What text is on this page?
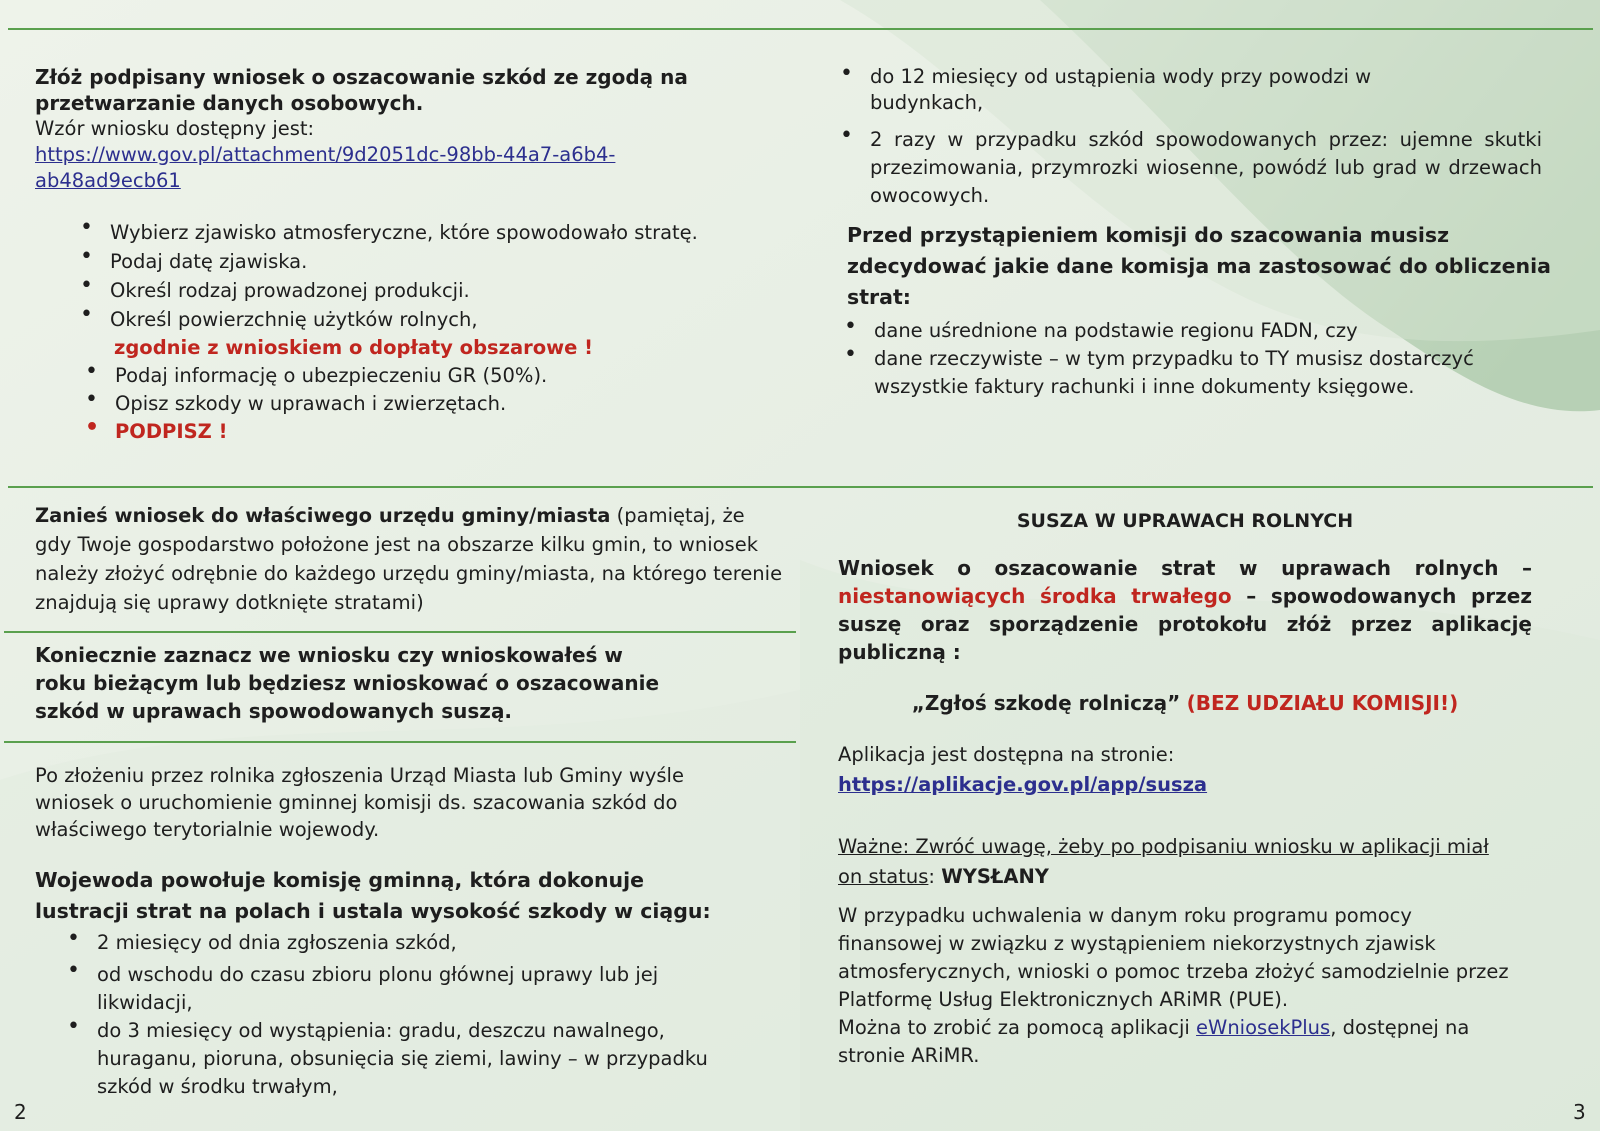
Złóż podpisany wniosek o oszacowanie szkód ze zgodą na przetwarzanie danych osobowych.

Wzór wniosku dostępny jest:

https://www.gov.pl/attachment/9d2051dc-98bb-44a7-a6b4-
ab48ad9ecb61
• Wybierz zjawisko atmosferyczne, które spowodowało stratę.
• Podaj datę zjawiska.
• Określ rodzaj prowadzonej produkcji.
• Określ powierzchnię użytków rolnych,

zgodnie z wnioskiem o dopłaty obszarowe !

• Podaj informację o ubezpieczeniu GR (50%).
• Opisz szkody w uprawach i zwierzętach.
• PODPISZ !
• do 12 miesięcy od ustąpienia wody przy powodzi w budynkach,
• 2 razy w przypadku szkód spowodowanych przez: ujemne skutki przezimowania, przymrozki wiosenne, powódź lub grad w drzewach owocowych.

Przed przystąpieniem komisji do szacowania musisz zdecydować jakie dane komisja ma zastosować do obliczenia strat:

• dane uśrednione na podstawie regionu FADN, czy
• dane rzeczywiste – w tym przypadku to TY musisz dostarczyć wszystkie faktury rachunki i inne dokumenty księgowe.

Zanieś wniosek do właściwego urzędu gminy/miasta (pamiętaj, że gdy Twoje gospodarstwo położone jest na obszarze kilku gmin, to wniosek należy złożyć odrębnie do każdego urzędu gminy/miasta, na którego terenie znajdują się uprawy dotknięte stratami)

Koniecznie zaznacz we wniosku czy wnioskowałeś w roku bieżącym lub będziesz wnioskować o oszacowanie szkód w uprawach spowodowanych suszą.

Po złożeniu przez rolnika zgłoszenia Urząd Miasta lub Gminy wyśle wniosek o uruchomienie gminnej komisji ds. szacowania szkód do właściwego terytorialnie wojewody.

Wojewoda powołuje komisję gminną, która dokonuje lustracji strat na polach i ustala wysokość szkody w ciągu:

• 2 miesięcy od dnia zgłoszenia szkód,
• od wschodu do czasu zbioru plonu głównej uprawy lub jej likwidacji,
• do 3 miesięcy od wystąpienia: gradu, deszczu nawalnego, huraganu, pioruna, obsunięcia się ziemi, lawiny – w przypadku szkód w środku trwałym,

SUSZA W UPRAWACH ROLNYCH

Wniosek o oszacowanie strat w uprawach rolnych – niestanowiących środka trwałego – spowodowanych przez suszę oraz sporządzenie protokołu złóż przez aplikację publiczną :

„Zgłoś szkodę rolniczą” (BEZ UDZIAŁU KOMISJI!)

Aplikacja jest dostępna na stronie:

https://aplikacje.gov.pl/app/susza

Ważne: Zwróć uwagę, żeby po podpisaniu wniosku w aplikacji miał on status: WYSŁANY

W przypadku uchwalenia w danym roku programu pomocy finansowej w związku z wystąpieniem niekorzystnych zjawisk atmosferycznych, wnioski o pomoc trzeba złożyć samodzielnie przez Platformę Usług Elektronicznych ARiMR (PUE).

Można to zrobić za pomocą aplikacji eWniosekPlus, dostępnej na stronie ARiMR.

2	3
